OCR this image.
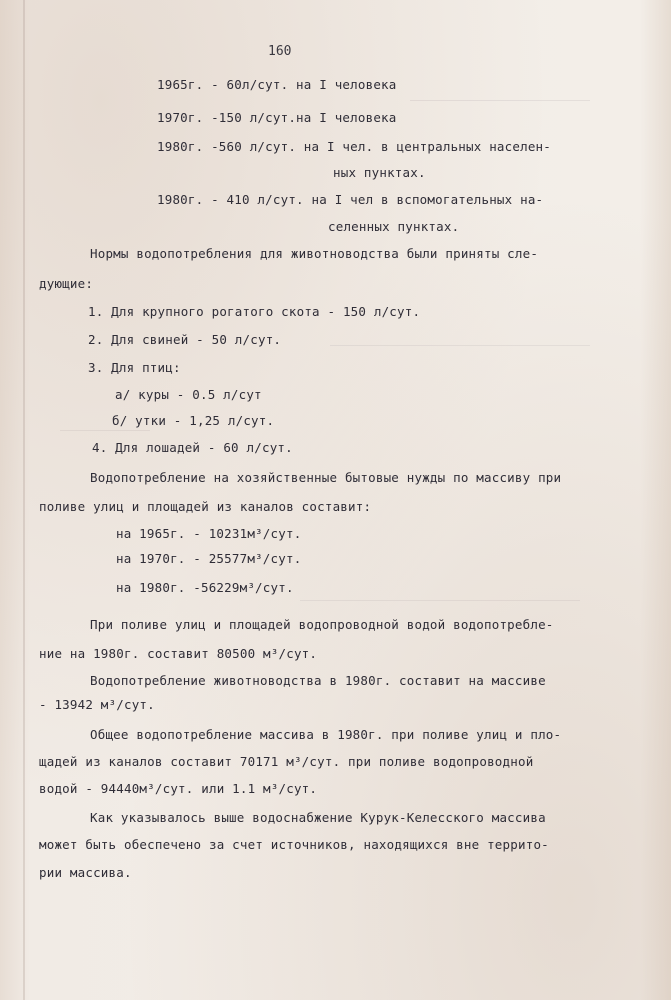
160
1965г. - 60л/сут. на I человека
1970г. -150 л/сут.на I человека
1980г. -560 л/сут. на I чел. в центральных населен-
ных пунктах.
1980г. - 410 л/сут. на I чел в вспомогательных на-
селенных пунктах.
Нормы водопотребления для животноводства были приняты сле-
дующие:
1. Для крупного рогатого скота - 150 л/сут.
2. Для свиней - 50 л/сут.
3. Для птиц:
а/ куры - 0.5 л/сут
б/ утки - 1,25 л/сут.
4. Для лошадей - 60 л/сут.
Водопотребление на хозяйственные бытовые нужды по массиву при
поливе улиц и площадей из каналов составит:
на 1965г. - 10231м³/сут.
на 1970г. - 25577м³/сут.
на 1980г. -56229м³/сут.
При поливе улиц и площадей водопроводной водой водопотребле-
ние на 1980г. составит 80500 м³/сут.
Водопотребление животноводства в 1980г. составит на массиве
- 13942 м³/сут.
Общее водопотребление массива в 1980г. при поливе улиц и пло-
щадей из каналов составит 70171 м³/сут. при поливе водопроводной
водой - 94440м³/сут. или 1.1 м³/сут.
Как указывалось выше водоснабжение Курук-Келесского массива
может быть обеспечено за счет источников, находящихся вне террито-
рии массива.
